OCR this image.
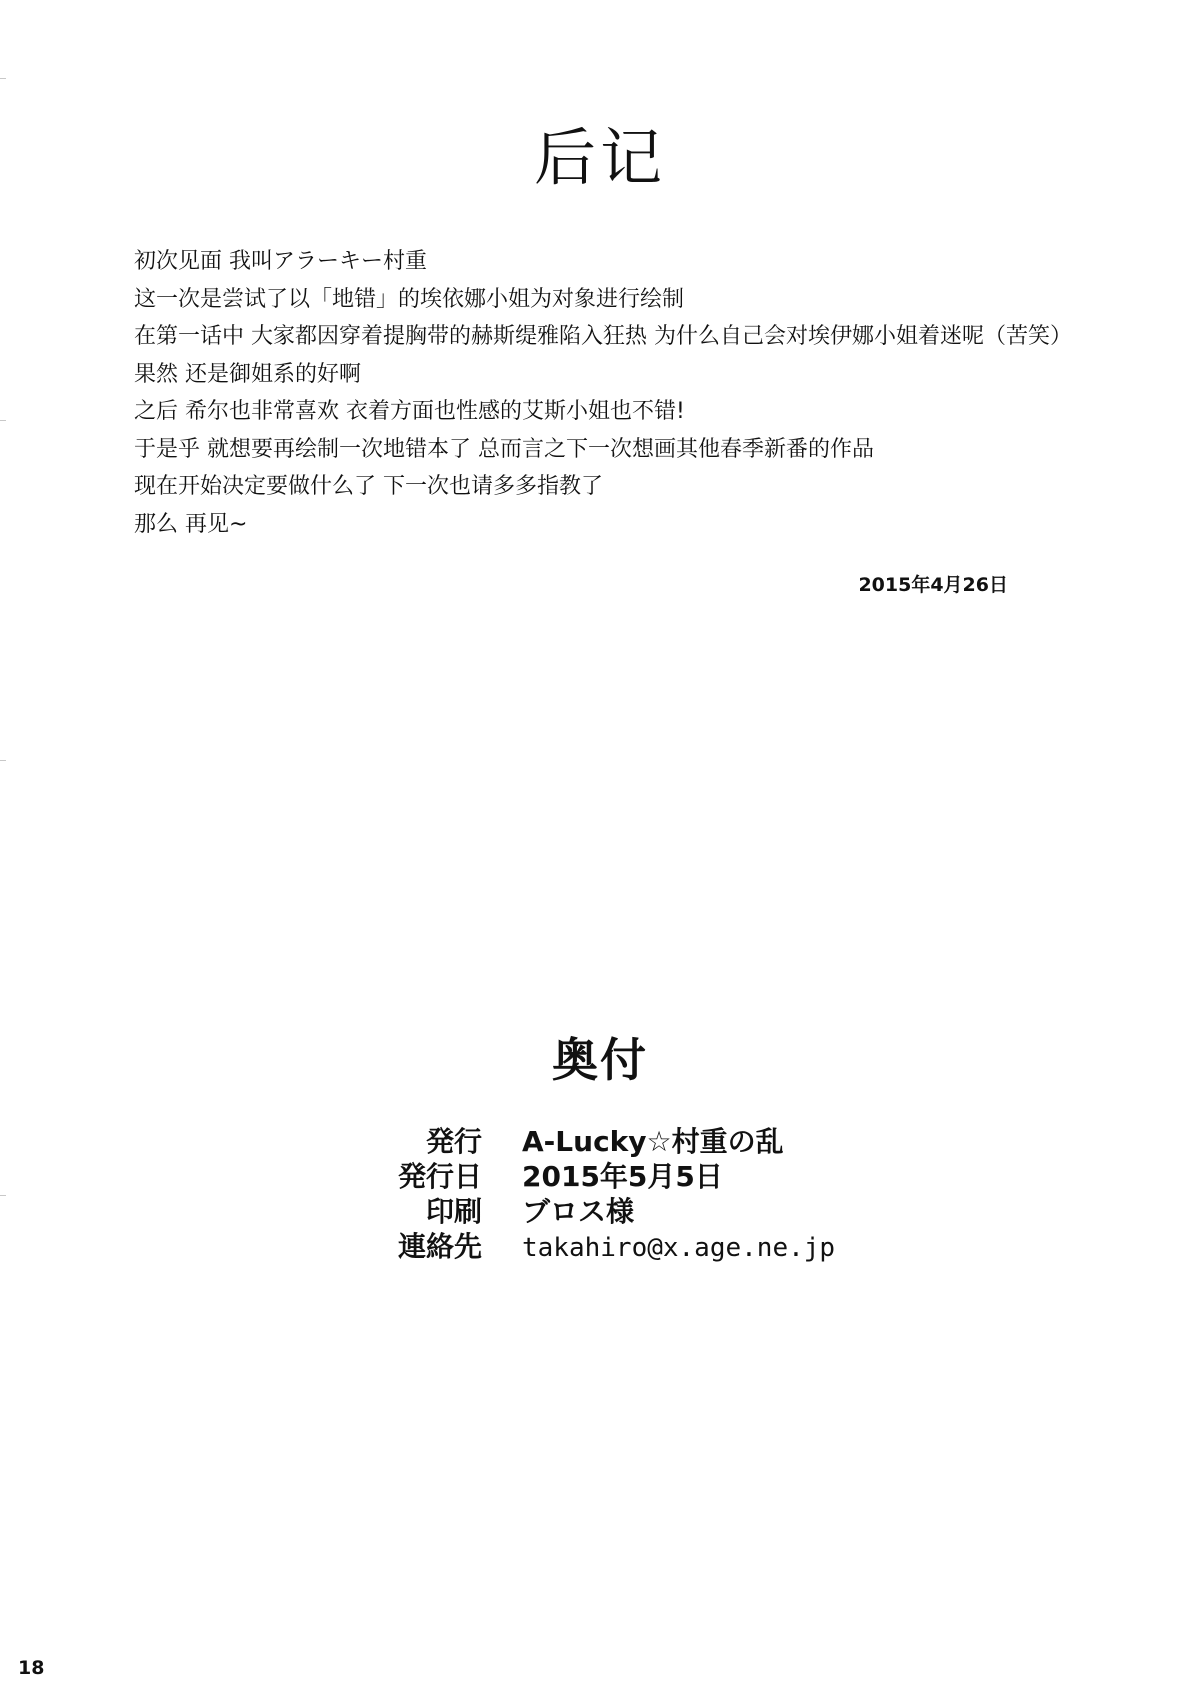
后记
初次见面 我叫アラーキー村重
这一次是尝试了以「地错」的埃依娜小姐为对象进行绘制
在第一话中 大家都因穿着提胸带的赫斯缇雅陷入狂热 为什么自己会对埃伊娜小姐着迷呢（苦笑）
果然 还是御姐系的好啊
之后 希尔也非常喜欢 衣着方面也性感的艾斯小姐也不错!
于是乎 就想要再绘制一次地错本了 总而言之下一次想画其他春季新番的作品
现在开始决定要做什么了 下一次也请多多指教了
那么 再见~
2015年4月26日
奥付
発行 A-Lucky☆村重の乱
発行日 2015年5月5日
印刷 ブロス様
連絡先 takahiro@x.age.ne.jp
18
